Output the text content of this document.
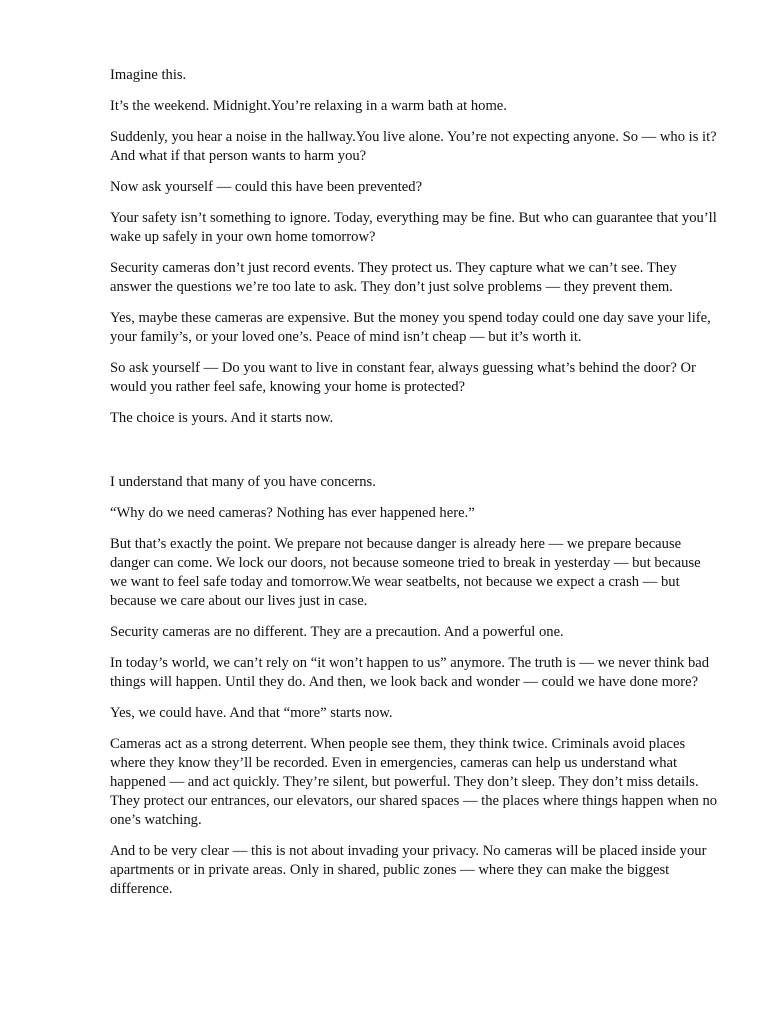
Imagine this.

It’s the weekend. Midnight.You’re relaxing in a warm bath at home.

Suddenly, you hear a noise in the hallway.You live alone. You’re not expecting anyone. So — who is it? And what if that person wants to harm you?

Now ask yourself — could this have been prevented?

Your safety isn’t something to ignore. Today, everything may be fine. But who can guarantee that you’ll wake up safely in your own home tomorrow?

Security cameras don’t just record events. They protect us. They capture what we can’t see. They answer the questions we’re too late to ask. They don’t just solve problems — they prevent them.

Yes, maybe these cameras are expensive. But the money you spend today could one day save your life, your family’s, or your loved one’s. Peace of mind isn’t cheap — but it’s worth it.

So ask yourself — Do you want to live in constant fear, always guessing what’s behind the door? Or would you rather feel safe, knowing your home is protected?

The choice is yours. And it starts now.

I understand that many of you have concerns.

“Why do we need cameras? Nothing has ever happened here.”

But that’s exactly the point. We prepare not because danger is already here — we prepare because danger can come. We lock our doors, not because someone tried to break in yesterday — but because we want to feel safe today and tomorrow.We wear seatbelts, not because we expect a crash — but because we care about our lives just in case.

Security cameras are no different. They are a precaution. And a powerful one.

In today’s world, we can’t rely on “it won’t happen to us” anymore. The truth is — we never think bad things will happen. Until they do. And then, we look back and wonder — could we have done more?

Yes, we could have. And that “more” starts now.

Cameras act as a strong deterrent. When people see them, they think twice. Criminals avoid places where they know they’ll be recorded. Even in emergencies, cameras can help us understand what happened — and act quickly. They’re silent, but powerful. They don’t sleep. They don’t miss details. They protect our entrances, our elevators, our shared spaces — the places where things happen when no one’s watching.

And to be very clear — this is not about invading your privacy. No cameras will be placed inside your apartments or in private areas. Only in shared, public zones — where they can make the biggest difference.
